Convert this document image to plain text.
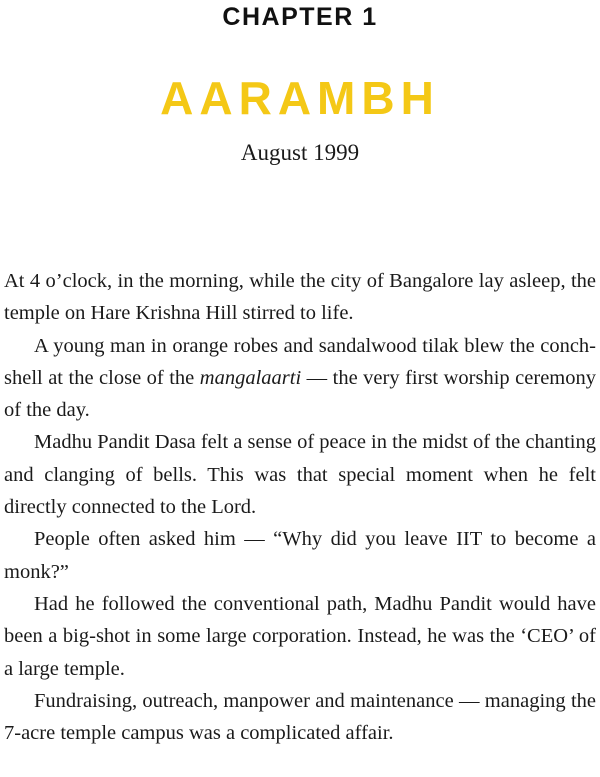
CHAPTER 1
AARAMBH
August 1999

At 4 o’clock, in the morning, while the city of Bangalore lay asleep, the temple on Hare Krishna Hill stirred to life.

A young man in orange robes and sandalwood tilak blew the conch-shell at the close of the mangalaarti — the very first worship ceremony of the day.

Madhu Pandit Dasa felt a sense of peace in the midst of the chanting and clanging of bells. This was that special moment when he felt directly connected to the Lord.

People often asked him — “Why did you leave IIT to become a monk?”

Had he followed the conventional path, Madhu Pandit would have been a big-shot in some large corporation. Instead, he was the ‘CEO’ of a large temple.

Fundraising, outreach, manpower and maintenance — managing the 7-acre temple campus was a complicated affair.
